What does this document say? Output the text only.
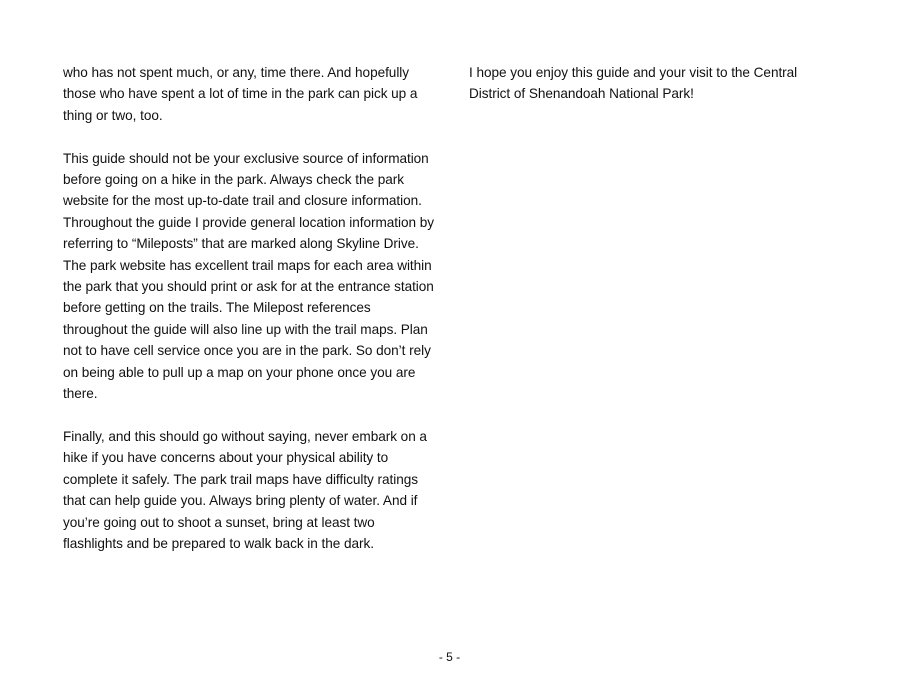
who has not spent much, or any, time there. And hopefully those who have spent a lot of time in the park can pick up a thing or two, too.

This guide should not be your exclusive source of information before going on a hike in the park. Always check the park website for the most up-to-date trail and closure information. Throughout the guide I provide general location information by referring to “Mileposts” that are marked along Skyline Drive. The park website has excellent trail maps for each area within the park that you should print or ask for at the entrance station before getting on the trails. The Milepost references throughout the guide will also line up with the trail maps. Plan not to have cell service once you are in the park. So don’t rely on being able to pull up a map on your phone once you are there.

Finally, and this should go without saying, never embark on a hike if you have concerns about your physical ability to complete it safely. The park trail maps have difficulty ratings that can help guide you. Always bring plenty of water. And if you’re going out to shoot a sunset, bring at least two flashlights and be prepared to walk back in the dark.

I hope you enjoy this guide and your visit to the Central District of Shenandoah National Park!

- 5 -
